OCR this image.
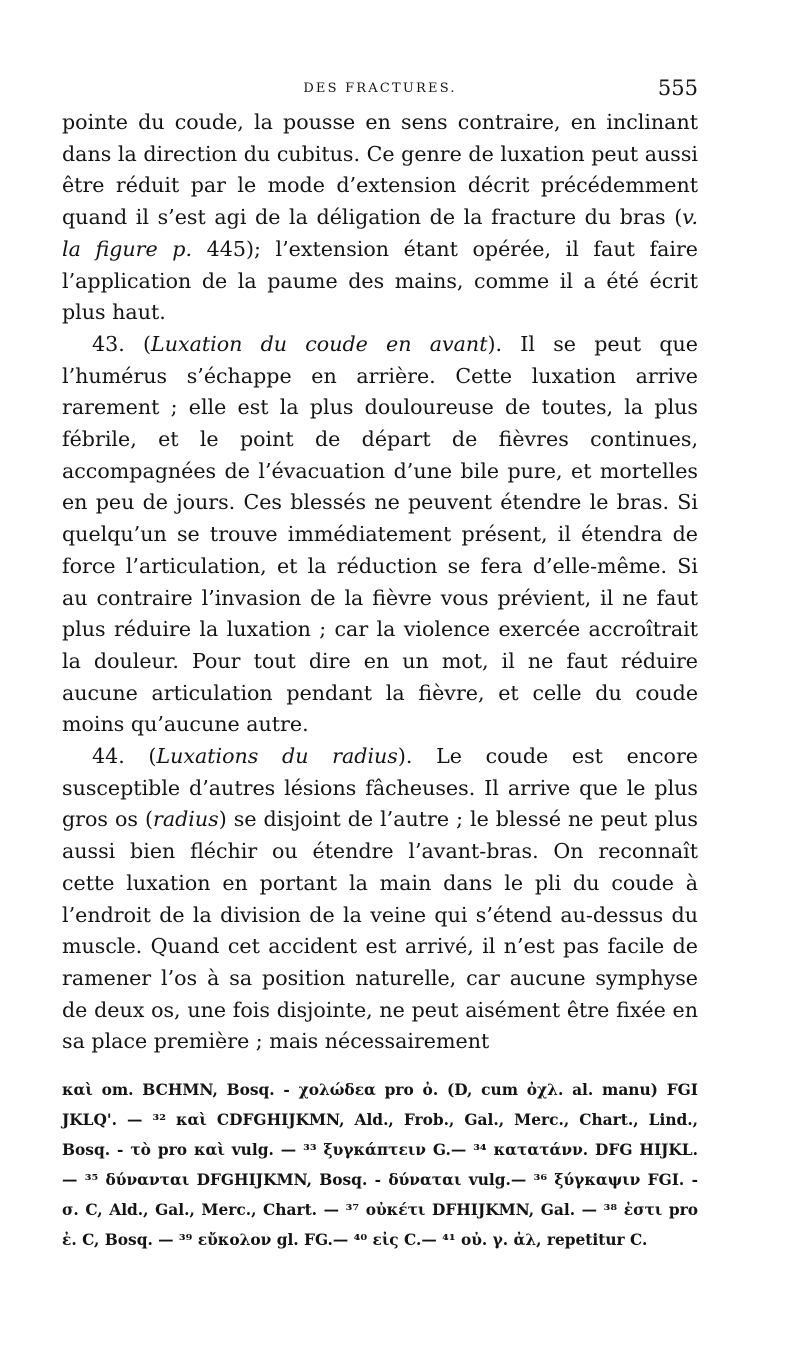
DES FRACTURES.	555

pointe du coude, la pousse en sens contraire, en inclinant dans la direction du cubitus. Ce genre de luxation peut aussi être réduit par le mode d’extension décrit précédemment quand il s’est agi de la déligation de la fracture du bras (v. la figure p. 445); l’extension étant opérée, il faut faire l’application de la paume des mains, comme il a été écrit plus haut.

43. (Luxation du coude en avant). Il se peut que l’humérus s’échappe en arrière. Cette luxation arrive rarement ; elle est la plus douloureuse de toutes, la plus fébrile, et le point de départ de fièvres continues, accompagnées de l’évacuation d’une bile pure, et mortelles en peu de jours. Ces blessés ne peuvent étendre le bras. Si quelqu’un se trouve immédiatement présent, il étendra de force l’articulation, et la réduction se fera d’elle-même. Si au contraire l’invasion de la fièvre vous prévient, il ne faut plus réduire la luxation ; car la violence exercée accroîtrait la douleur. Pour tout dire en un mot, il ne faut réduire aucune articulation pendant la fièvre, et celle du coude moins qu’aucune autre.

44. (Luxations du radius). Le coude est encore susceptible d’autres lésions fâcheuses. Il arrive que le plus gros os (radius) se disjoint de l’autre ; le blessé ne peut plus aussi bien fléchir ou étendre l’avant-bras. On reconnaît cette luxation en portant la main dans le pli du coude à l’endroit de la division de la veine qui s’étend au-dessus du muscle. Quand cet accident est arrivé, il n’est pas facile de ramener l’os à sa position naturelle, car aucune symphyse de deux os, une fois disjointe, ne peut aisément être fixée en sa place première ; mais nécessairement

καὶ om. BCHMN, Bosq. - χολώδεα pro ὀ. (D, cum ὀχλ. al. manu) FGI JKLQ'. — ³² καὶ CDFGHIJKMN, Ald., Frob., Gal., Merc., Chart., Lind., Bosq. - τὸ pro καὶ vulg. — ³³ ξυγκάπτειν G.— ³⁴ κατατάνν. DFG HIJKL. — ³⁵ δύνανται DFGHIJKMN, Bosq. - δύναται vulg.— ³⁶ ξύγκαψιν FGI. - σ. C, Ald., Gal., Merc., Chart. — ³⁷ οὐκέτι DFHIJKMN, Gal. — ³⁸ ἐστι pro ἐ. C, Bosq. — ³⁹ εὔκολον gl. FG.— ⁴⁰ εἰς C.— ⁴¹ οὐ. γ. ἀλ, repetitur C.
